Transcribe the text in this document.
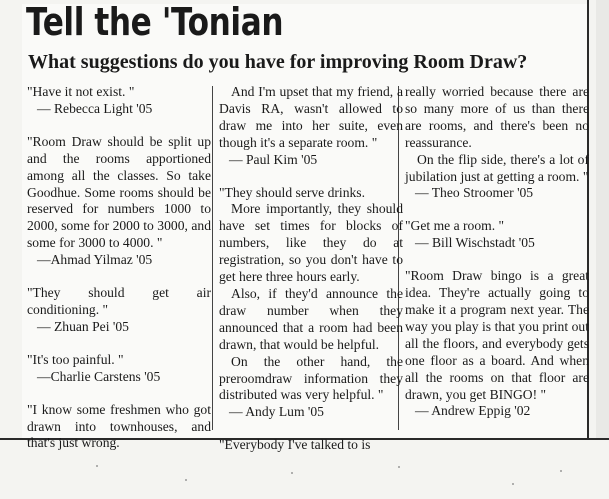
Tell the 'Tonian
What suggestions do you have for improving Room Draw?

"Have it not exist. "

— Rebecca Light '05

"Room Draw should be split up and the rooms apportioned among all the classes. So take Goodhue. Some rooms should be reserved for numbers 1000 to 2000, some for 2000 to 3000, and some for 3000 to 4000. "

—Ahmad Yilmaz '05

"They should get air conditioning. "

— Zhuan Pei '05

"It's too painful. "

—Charlie Carstens '05

"I know some freshmen who got drawn into townhouses, and that's just wrong.

And I'm upset that my friend, a Davis RA, wasn't allowed to draw me into her suite, even though it's a separate room. "

— Paul Kim '05

"They should serve drinks.

More importantly, they should have set times for blocks of numbers, like they do at registration, so you don't have to get here three hours early.

Also, if they'd announce the draw number when they announced that a room had been drawn, that would be helpful.

On the other hand, the preroomdraw information they distributed was very helpful. "

— Andy Lum '05

"Everybody I've talked to is

really worried because there are so many more of us than there are rooms, and there's been no reassurance.

On the flip side, there's a lot of jubilation just at getting a room. "

— Theo Stroomer '05

"Get me a room. "

— Bill Wischstadt '05

"Room Draw bingo is a great idea. They're actually going to make it a program next year. The way you play is that you print out all the floors, and everybody gets one floor as a board. And when all the rooms on that floor are drawn, you get BINGO! "

— Andrew Eppig '02
